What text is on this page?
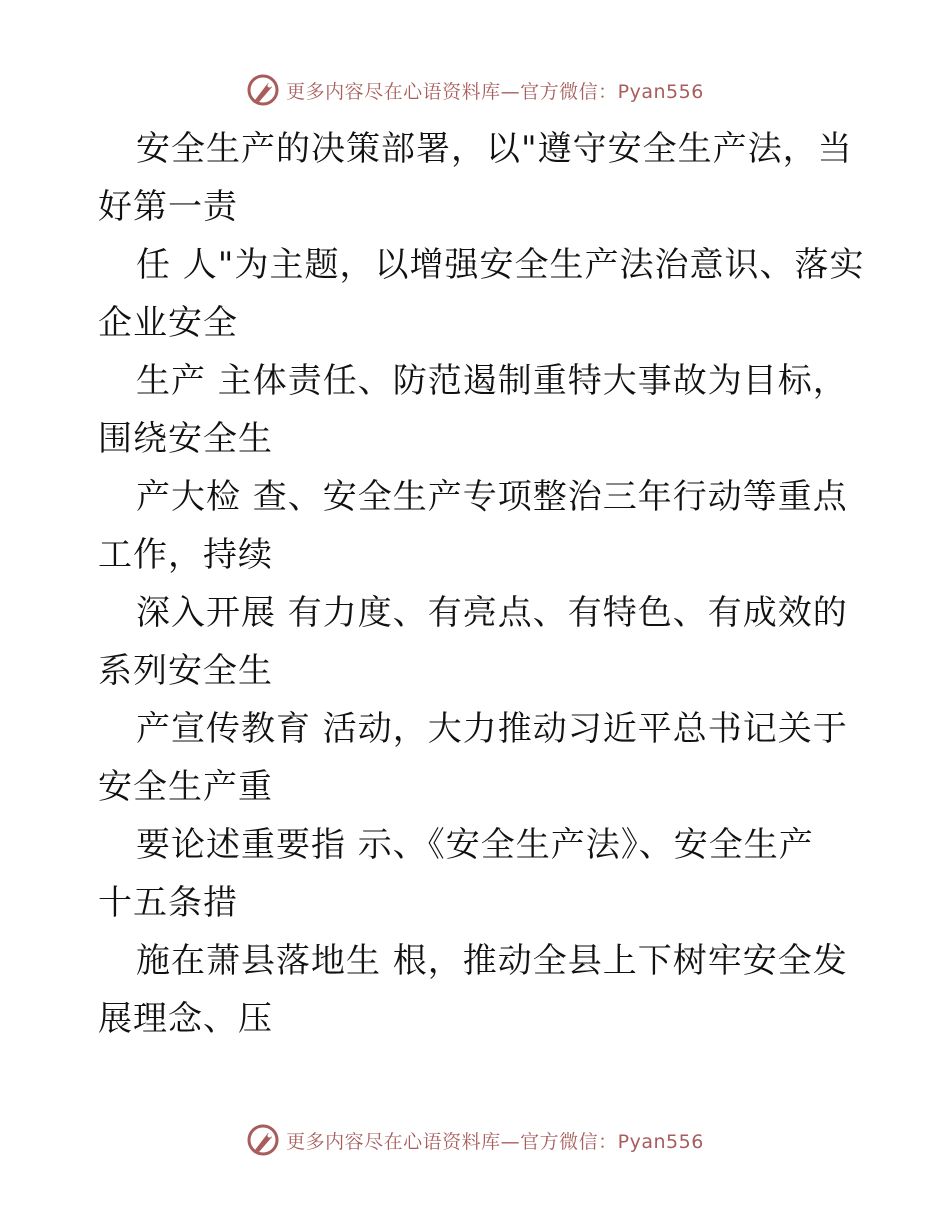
更多内容尽在心语资料库—官方微信：Pyan556
安全生产的决策部署，以"遵守安全生产法，当
好第一责
任 人"为主题，以增强安全生产法治意识、落实
企业安全
生产 主体责任、防范遏制重特大事故为目标，
围绕安全生
产大检 查、安全生产专项整治三年行动等重点
工作，持续
深入开展 有力度、有亮点、有特色、有成效的
系列安全生
产宣传教育 活动，大力推动习近平总书记关于
安全生产重
要论述重要指 示、《安全生产法》、安全生产
十五条措
施在萧县落地生 根，推动全县上下树牢安全发
展理念、压
更多内容尽在心语资料库—官方微信：Pyan556
